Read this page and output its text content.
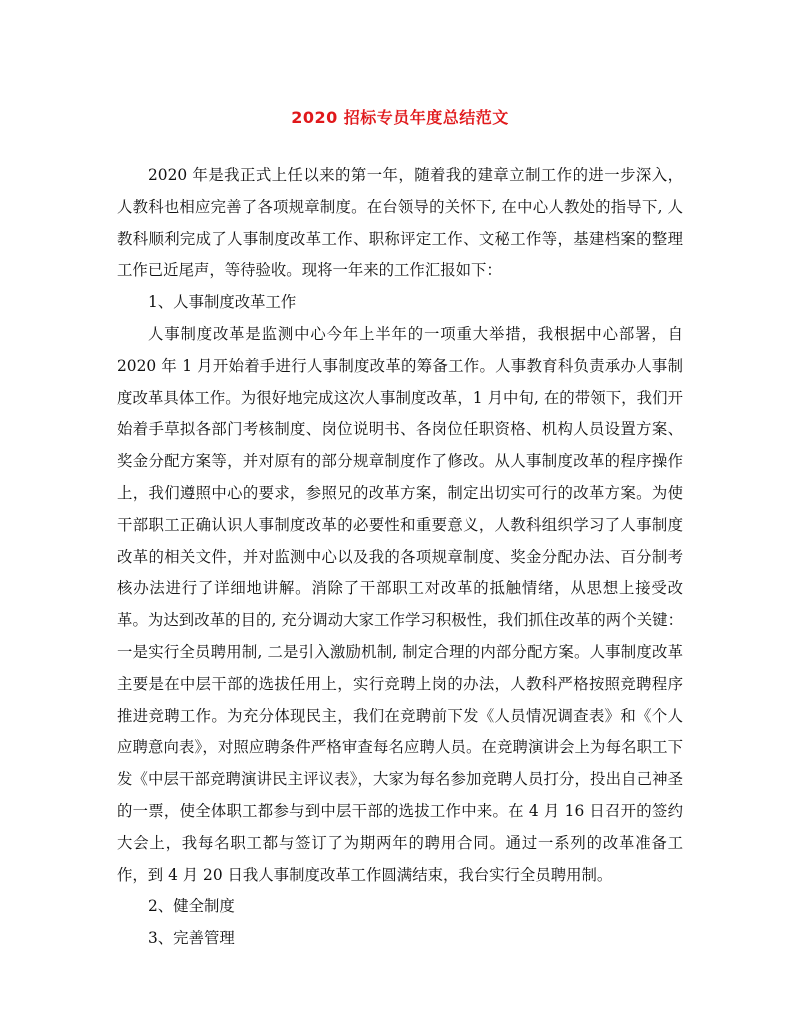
2020 招标专员年度总结范文

2020 年是我正式上任以来的第一年，随着我的建章立制工作的进一步深入，人教科也相应完善了各项规章制度。在台领导的关怀下, 在中心人教处的指导下, 人教科顺利完成了人事制度改革工作、职称评定工作、文秘工作等，基建档案的整理工作已近尾声，等待验收。现将一年来的工作汇报如下：

1、人事制度改革工作

人事制度改革是监测中心今年上半年的一项重大举措，我根据中心部署，自 2020 年 1 月开始着手进行人事制度改革的筹备工作。人事教育科负责承办人事制度改革具体工作。为很好地完成这次人事制度改革，1 月中旬, 在的带领下，我们开始着手草拟各部门考核制度、岗位说明书、各岗位任职资格、机构人员设置方案、奖金分配方案等，并对原有的部分规章制度作了修改。从人事制度改革的程序操作上，我们遵照中心的要求，参照兄的改革方案，制定出切实可行的改革方案。为使干部职工正确认识人事制度改革的必要性和重要意义，人教科组织学习了人事制度改革的相关文件，并对监测中心以及我的各项规章制度、奖金分配办法、百分制考核办法进行了详细地讲解。消除了干部职工对改革的抵触情绪，从思想上接受改革。为达到改革的目的, 充分调动大家工作学习积极性，我们抓住改革的两个关键：一是实行全员聘用制, 二是引入激励机制, 制定合理的内部分配方案。人事制度改革主要是在中层干部的选拔任用上，实行竞聘上岗的办法，人教科严格按照竞聘程序推进竞聘工作。为充分体现民主，我们在竞聘前下发《人员情况调查表》和《个人应聘意向表》，对照应聘条件严格审查每名应聘人员。在竞聘演讲会上为每名职工下发《中层干部竞聘演讲民主评议表》，大家为每名参加竞聘人员打分，投出自己神圣的一票，使全体职工都参与到中层干部的选拔工作中来。在 4 月 16 日召开的签约大会上，我每名职工都与签订了为期两年的聘用合同。通过一系列的改革准备工作，到 4 月 20 日我人事制度改革工作圆满结束，我台实行全员聘用制。

2、健全制度

3、完善管理
